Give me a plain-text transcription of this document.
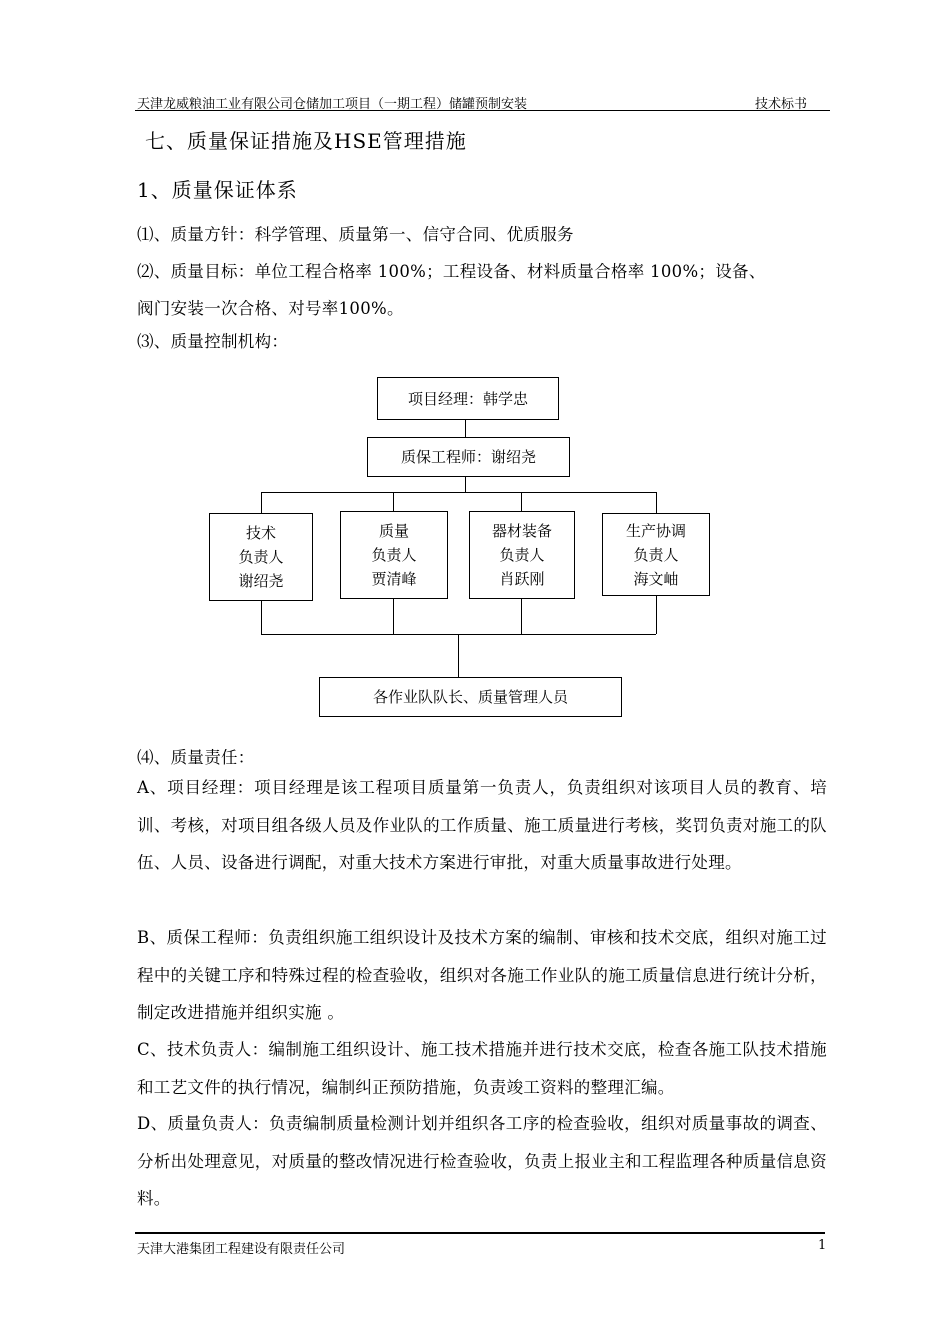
天津龙威粮油工业有限公司仓储加工项目（一期工程）储罐预制安装	技术标书
七、质量保证措施及HSE管理措施
1、质量保证体系
⑴、质量方针：科学管理、质量第一、信守合同、优质服务
⑵、质量目标：单位工程合格率 100%；工程设备、材料质量合格率 100%；设备、
阀门安装一次合格、对号率100%。
⑶、质量控制机构：
项目经理：韩学忠
质保工程师：谢绍尧
技术
负责人
谢绍尧
质量
负责人
贾清峰
器材装备
负责人
肖跃刚
生产协调
负责人
海文岫
各作业队队长、质量管理人员
⑷、质量责任：
A、项目经理：项目经理是该工程项目质量第一负责人，负责组织对该项目人员的教育、培训、考核，对项目组各级人员及作业队的工作质量、施工质量进行考核，奖罚负责对施工的队伍、人员、设备进行调配，对重大技术方案进行审批，对重大质量事故进行处理。
B、质保工程师：负责组织施工组织设计及技术方案的编制、审核和技术交底，组织对施工过程中的关键工序和特殊过程的检查验收，组织对各施工作业队的施工质量信息进行统计分析，制定改进措施并组织实施 。
C、技术负责人：编制施工组织设计、施工技术措施并进行技术交底，检查各施工队技术措施和工艺文件的执行情况，编制纠正预防措施，负责竣工资料的整理汇编。
D、质量负责人：负责编制质量检测计划并组织各工序的检查验收，组织对质量事故的调查、分析出处理意见，对质量的整改情况进行检查验收，负责上报业主和工程监理各种质量信息资料。
天津大港集团工程建设有限责任公司	1
